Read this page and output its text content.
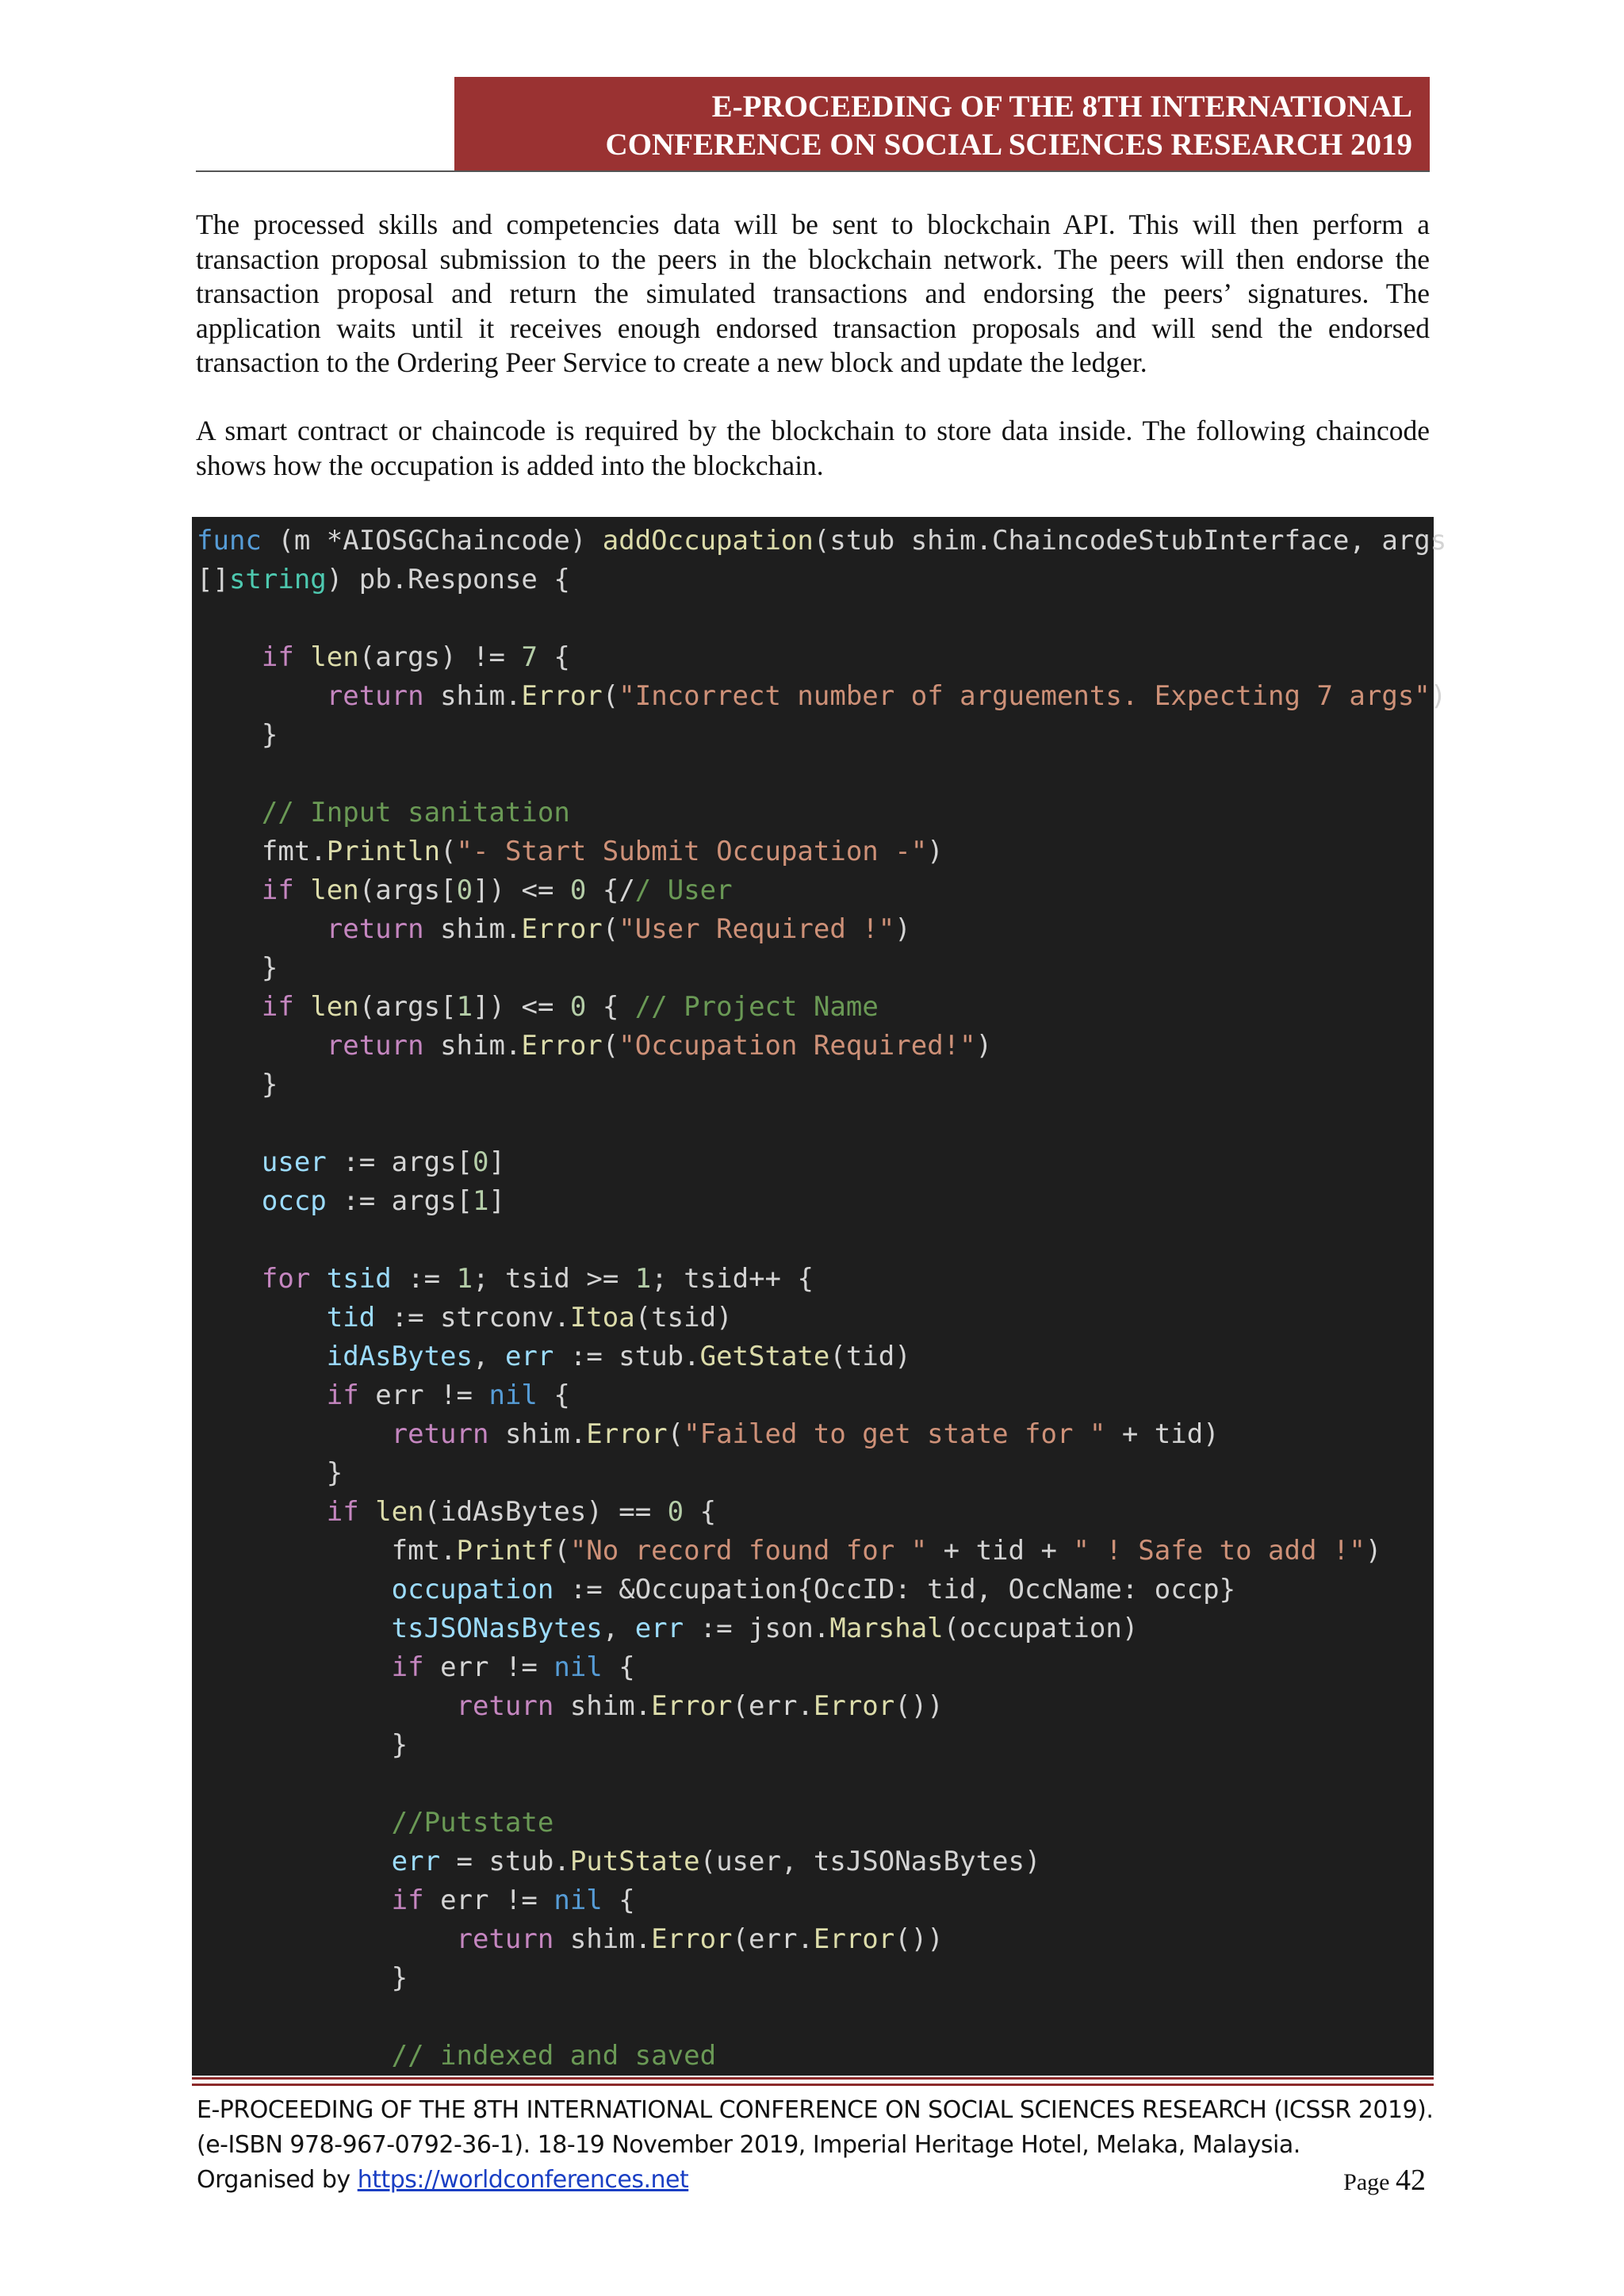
E-PROCEEDING OF THE 8TH INTERNATIONAL
CONFERENCE ON SOCIAL SCIENCES RESEARCH 2019

The processed skills and competencies data will be sent to blockchain API. This will then perform a transaction proposal submission to the peers in the blockchain network. The peers will then endorse the transaction proposal and return the simulated transactions and endorsing the peers’ signatures. The application waits until it receives enough endorsed transaction proposals and will send the endorsed transaction to the Ordering Peer Service to create a new block and update the ledger.

A smart contract or chaincode is required by the blockchain to store data inside. The following chaincode shows how the occupation is added into the blockchain.

func (m *AIOSGChaincode) addOccupation(stub shim.ChaincodeStubInterface, args
[]string) pb.Response {

if len(args) != 7 {
return shim.Error("Incorrect number of arguements. Expecting 7 args")
}

// Input sanitation
fmt.Println("- Start Submit Occupation -")
if len(args[0]) <= 0 {// User
return shim.Error("User Required !")
}
if len(args[1]) <= 0 { // Project Name
return shim.Error("Occupation Required!")
}

user := args[0]
occp := args[1]

for tsid := 1; tsid >= 1; tsid++ {
tid := strconv.Itoa(tsid)
idAsBytes, err := stub.GetState(tid)
if err != nil {
return shim.Error("Failed to get state for " + tid)
}
if len(idAsBytes) == 0 {
fmt.Printf("No record found for " + tid + " ! Safe to add !")
occupation := &Occupation{OccID: tid, OccName: occp}
tsJSONasBytes, err := json.Marshal(occupation)
if err != nil {
return shim.Error(err.Error())
}

//Putstate
err = stub.PutState(user, tsJSONasBytes)
if err != nil {
return shim.Error(err.Error())
}

// indexed and saved
E-PROCEEDING OF THE 8TH INTERNATIONAL CONFERENCE ON SOCIAL SCIENCES RESEARCH (ICSSR 2019).
(e-ISBN 978-967-0792-36-1). 18-19 November 2019, Imperial Heritage Hotel, Melaka, Malaysia.
Organised by https://worldconferences.net	Page 42
